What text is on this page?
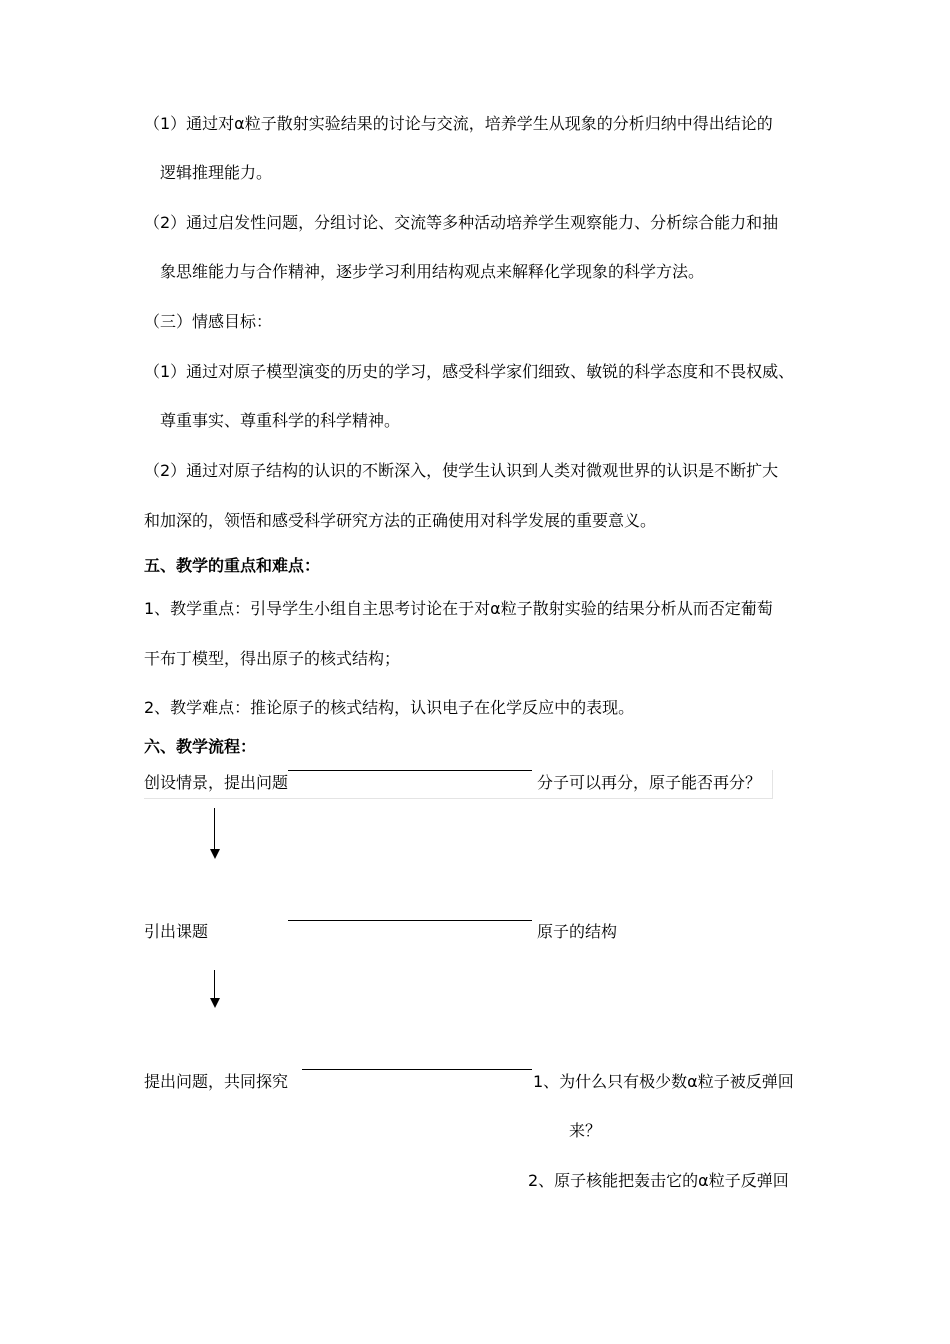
（1）通过对α粒子散射实验结果的讨论与交流，培养学生从现象的分析归纳中得出结论的
逻辑推理能力。
（2）通过启发性问题，分组讨论、交流等多种活动培养学生观察能力、分析综合能力和抽
象思维能力与合作精神，逐步学习利用结构观点来解释化学现象的科学方法。
（三）情感目标：
（1）通过对原子模型演变的历史的学习，感受科学家们细致、敏锐的科学态度和不畏权威、
尊重事实、尊重科学的科学精神。
（2）通过对原子结构的认识的不断深入，使学生认识到人类对微观世界的认识是不断扩大
和加深的，领悟和感受科学研究方法的正确使用对科学发展的重要意义。
五、教学的重点和难点：
1、教学重点：引导学生小组自主思考讨论在于对α粒子散射实验的结果分析从而否定葡萄
干布丁模型，得出原子的核式结构；
2、教学难点：推论原子的核式结构，认识电子在化学反应中的表现。
六、教学流程：
创设情景，提出问题	分子可以再分，原子能否再分？
引出课题	原子的结构
提出问题，共同探究	1、为什么只有极少数α粒子被反弹回
来？
2、原子核能把轰击它的α粒子反弹回
